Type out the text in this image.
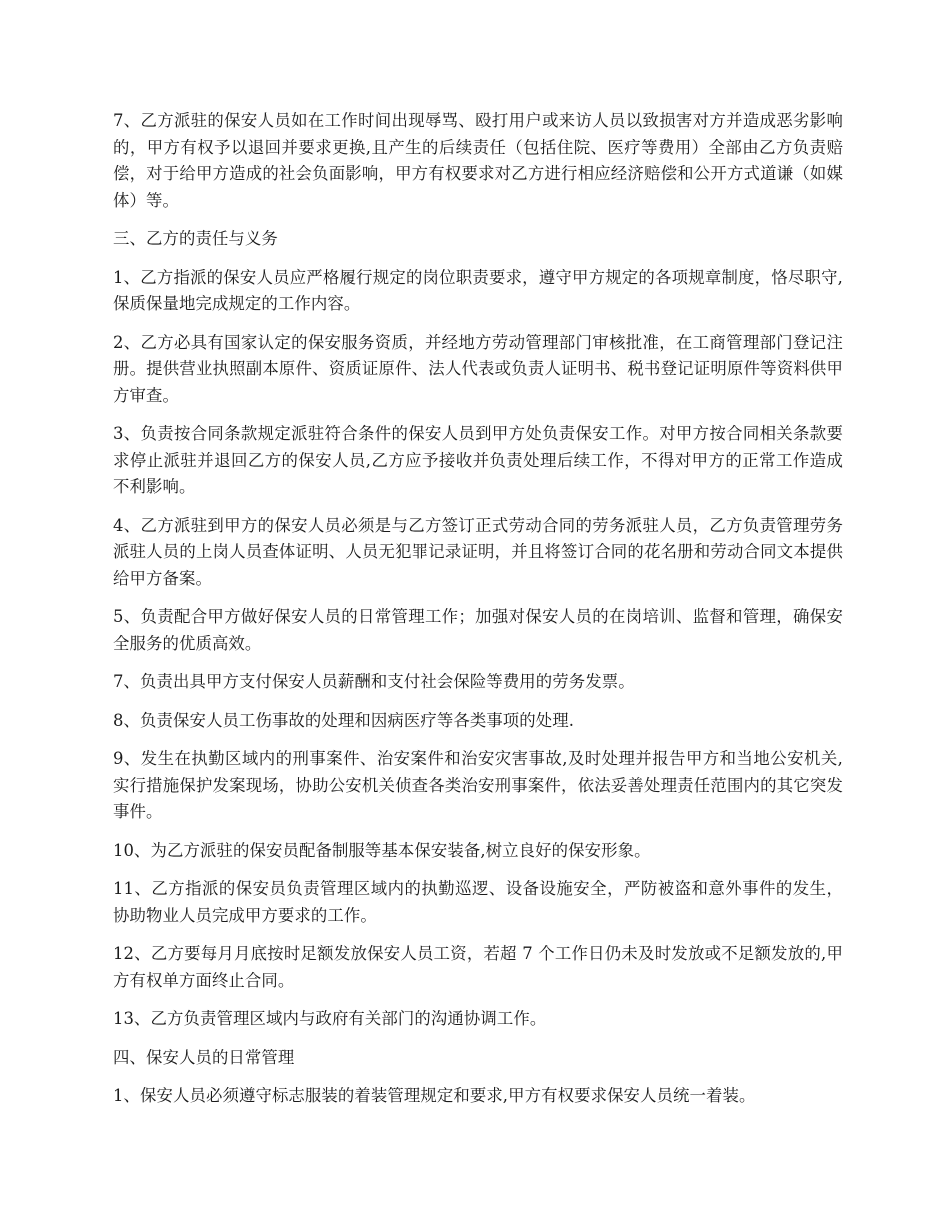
7、乙方派驻的保安人员如在工作时间出现辱骂、殴打用户或来访人员以致损害对方并造成恶劣影响的，甲方有权予以退回并要求更换,且产生的后续责任（包括住院、医疗等费用）全部由乙方负责赔偿，对于给甲方造成的社会负面影响，甲方有权要求对乙方进行相应经济赔偿和公开方式道谦（如媒体）等。

三、乙方的责任与义务

1、乙方指派的保安人员应严格履行规定的岗位职责要求，遵守甲方规定的各项规章制度，恪尽职守,保质保量地完成规定的工作内容。

2、乙方必具有国家认定的保安服务资质，并经地方劳动管理部门审核批准，在工商管理部门登记注册。提供营业执照副本原件、资质证原件、法人代表或负责人证明书、税书登记证明原件等资料供甲方审查。

3、负责按合同条款规定派驻符合条件的保安人员到甲方处负责保安工作。对甲方按合同相关条款要求停止派驻并退回乙方的保安人员,乙方应予接收并负责处理后续工作，不得对甲方的正常工作造成不利影响。

4、乙方派驻到甲方的保安人员必须是与乙方签订正式劳动合同的劳务派驻人员，乙方负责管理劳务派驻人员的上岗人员查体证明、人员无犯罪记录证明，并且将签订合同的花名册和劳动合同文本提供给甲方备案。

5、负责配合甲方做好保安人员的日常管理工作；加强对保安人员的在岗培训、监督和管理，确保安全服务的优质高效。

7、负责出具甲方支付保安人员薪酬和支付社会保险等费用的劳务发票。

8、负责保安人员工伤事故的处理和因病医疗等各类事项的处理.

9、发生在执勤区域内的刑事案件、治安案件和治安灾害事故,及时处理并报告甲方和当地公安机关,实行措施保护发案现场，协助公安机关侦查各类治安刑事案件，依法妥善处理责任范围内的其它突发事件。

10、为乙方派驻的保安员配备制服等基本保安装备,树立良好的保安形象。

11、乙方指派的保安员负责管理区域内的执勤巡逻、设备设施安全，严防被盗和意外事件的发生，协助物业人员完成甲方要求的工作。

12、乙方要每月月底按时足额发放保安人员工资，若超 7 个工作日仍未及时发放或不足额发放的,甲方有权单方面终止合同。

13、乙方负责管理区域内与政府有关部门的沟通协调工作。

四、保安人员的日常管理

1、保安人员必须遵守标志服装的着装管理规定和要求,甲方有权要求保安人员统一着装。
